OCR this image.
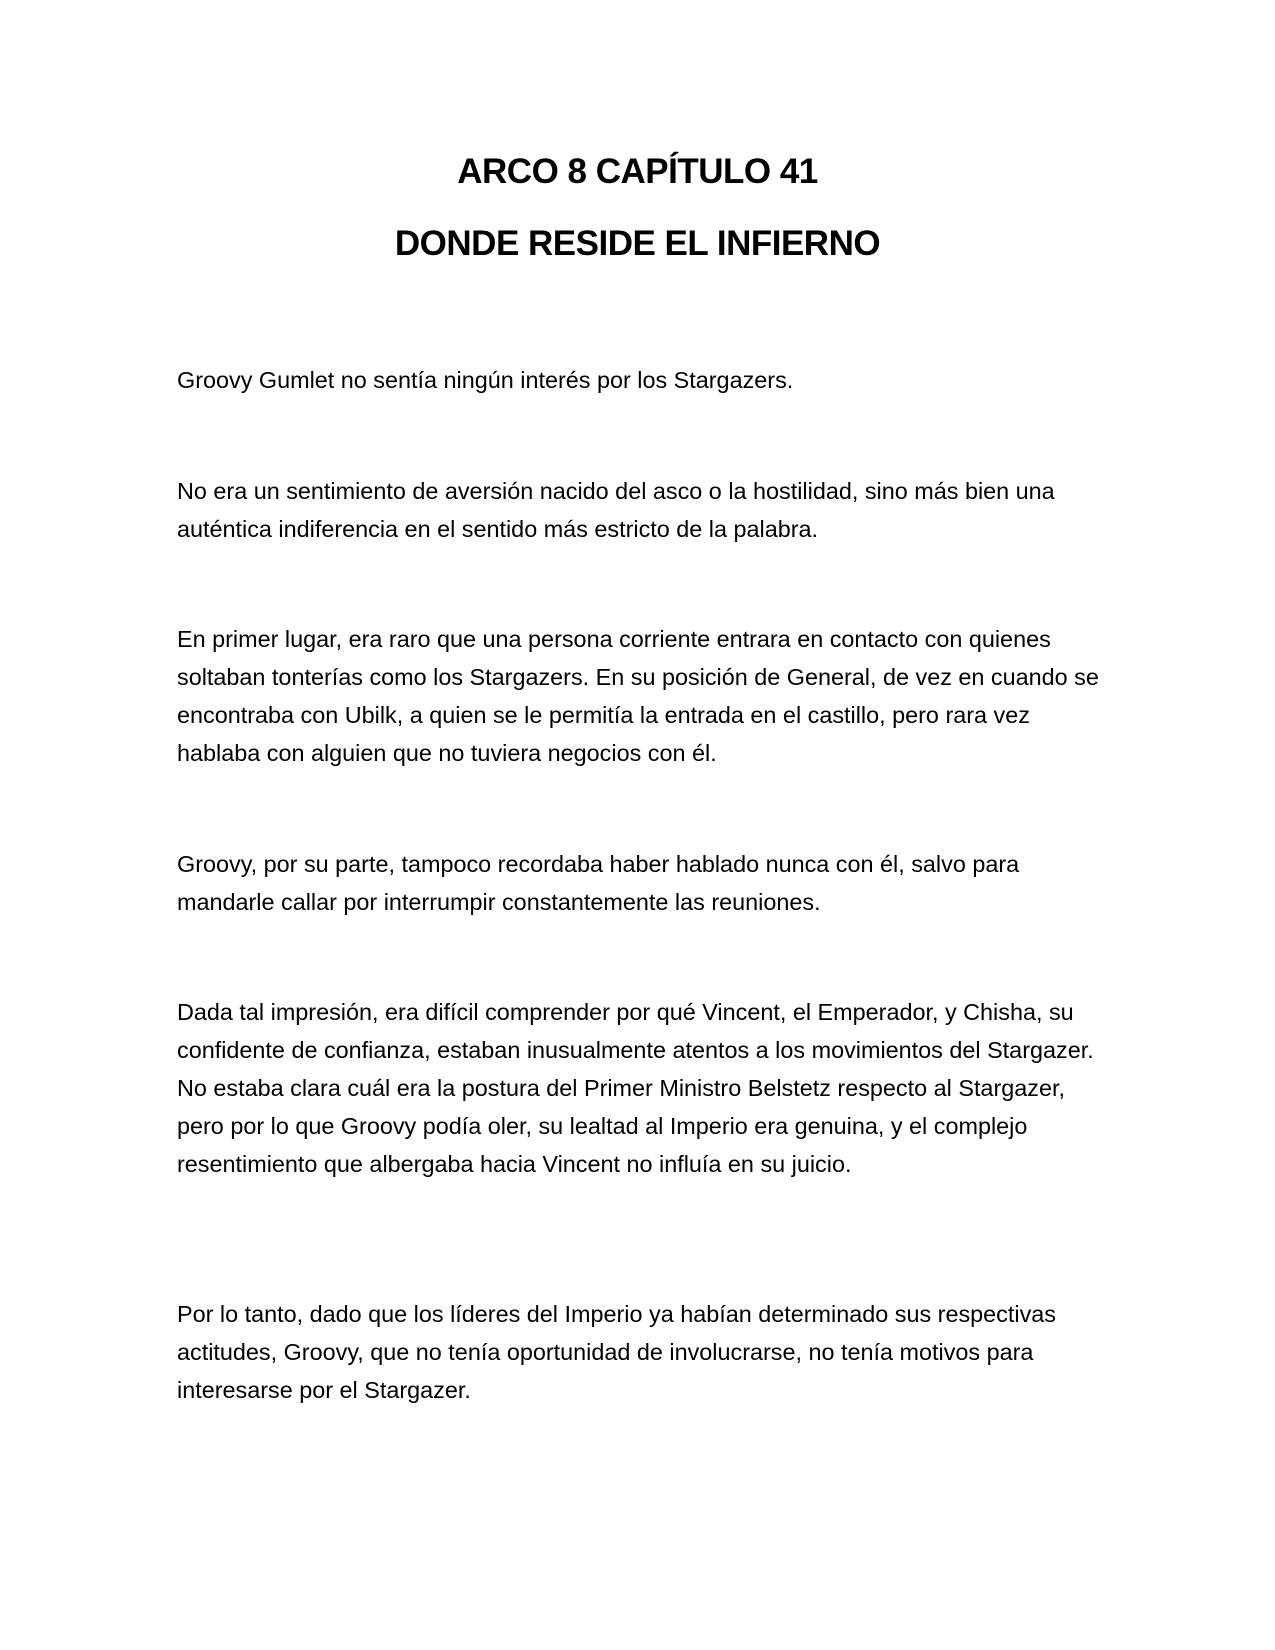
ARCO 8 CAPÍTULO 41
DONDE RESIDE EL INFIERNO

Groovy Gumlet no sentía ningún interés por los Stargazers.

No era un sentimiento de aversión nacido del asco o la hostilidad, sino más bien una auténtica indiferencia en el sentido más estricto de la palabra.

En primer lugar, era raro que una persona corriente entrara en contacto con quienes soltaban tonterías como los Stargazers. En su posición de General, de vez en cuando se encontraba con Ubilk, a quien se le permitía la entrada en el castillo, pero rara vez hablaba con alguien que no tuviera negocios con él.

Groovy, por su parte, tampoco recordaba haber hablado nunca con él, salvo para mandarle callar por interrumpir constantemente las reuniones.

Dada tal impresión, era difícil comprender por qué Vincent, el Emperador, y Chisha, su confidente de confianza, estaban inusualmente atentos a los movimientos del Stargazer. No estaba clara cuál era la postura del Primer Ministro Belstetz respecto al Stargazer, pero por lo que Groovy podía oler, su lealtad al Imperio era genuina, y el complejo resentimiento que albergaba hacia Vincent no influía en su juicio.

Por lo tanto, dado que los líderes del Imperio ya habían determinado sus respectivas actitudes, Groovy, que no tenía oportunidad de involucrarse, no tenía motivos para interesarse por el Stargazer.
